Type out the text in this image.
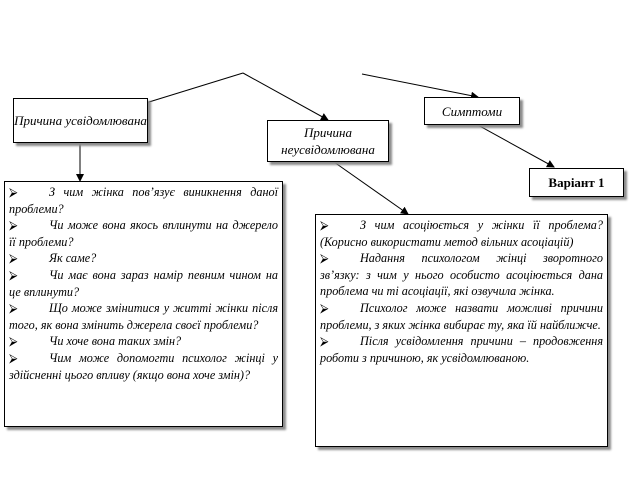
Причина усвідомлювана
Причина неусвідомлювана
Симптоми
Варіант 1

⮚	З чим жінка пов’язує виникнення даної проблеми?

⮚	Чи може вона якось вплинути на джерело її проблеми?

⮚	Як саме?

⮚	Чи має вона зараз намір певним чином на це вплинути?

⮚	Що може змінитися у житті жінки після того, як вона змінить джерела своєї проблеми?

⮚	Чи хоче вона таких змін?

⮚	Чим може допомогти психолог жінці у здійсненні цього впливу (якщо вона хоче змін)?

⮚	З чим асоціюється у жінки її проблема? (Корисно використати метод вільних асоціацій)

⮚	Надання психологом жінці зворотного зв’язку: з чим у нього особисто асоціюється дана проблема чи ті асоціації, які озвучила жінка.

⮚	Психолог може назвати можливі причини проблеми, з яких жінка вибирає ту, яка їй найближче.

⮚	Після усвідомлення причини – продовження роботи з причиною, як усвідомлюваною.
